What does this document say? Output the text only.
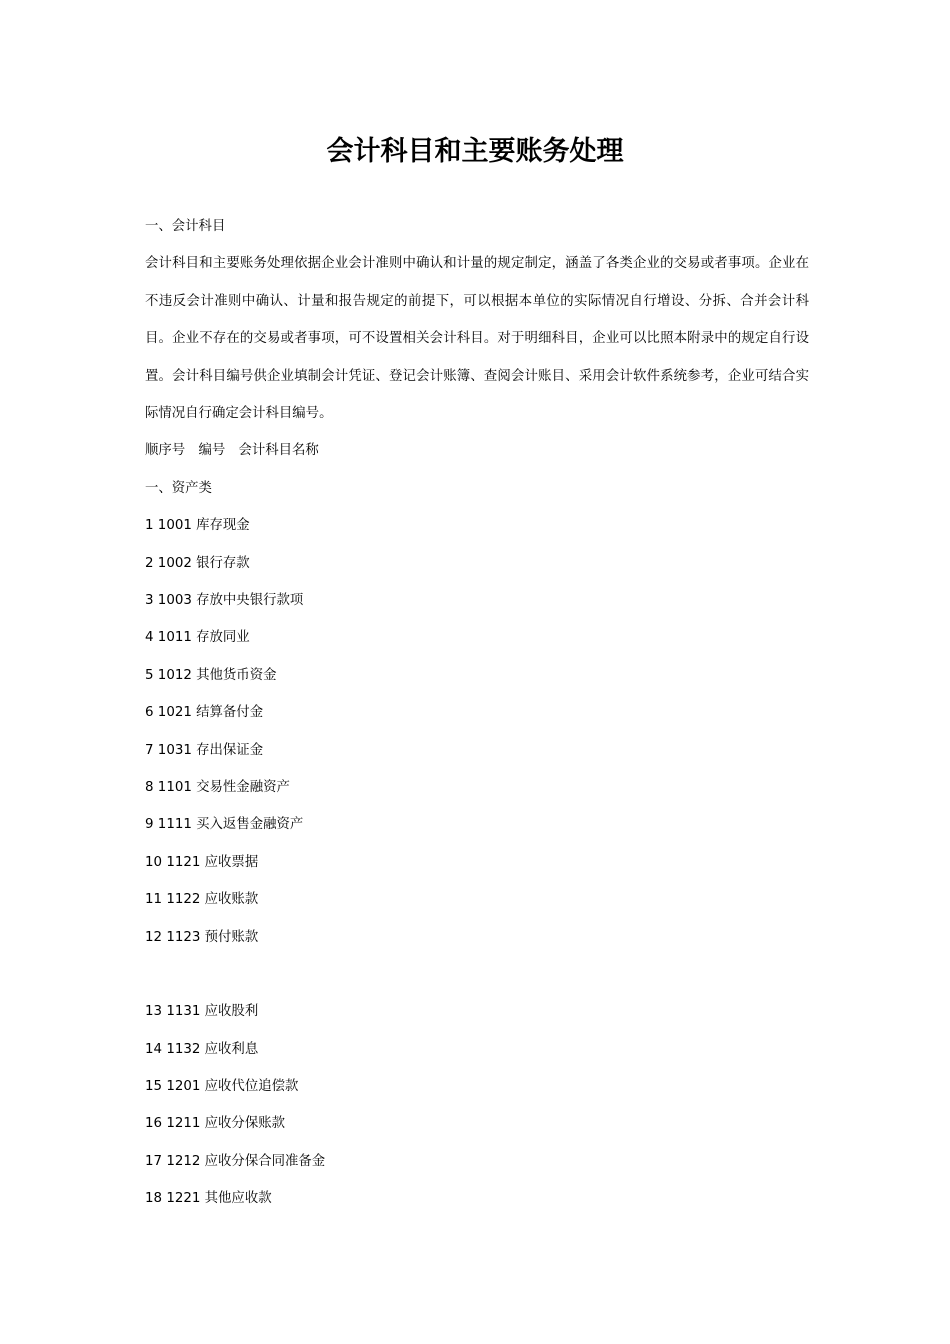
会计科目和主要账务处理
一、会计科目

会计科目和主要账务处理依据企业会计准则中确认和计量的规定制定，涵盖了各类企业的交易或者事项。企业在不违反会计准则中确认、计量和报告规定的前提下，可以根据本单位的实际情况自行增设、分拆、合并会计科目。企业不存在的交易或者事项，可不设置相关会计科目。对于明细科目，企业可以比照本附录中的规定自行设置。会计科目编号供企业填制会计凭证、登记会计账簿、查阅会计账目、采用会计软件系统参考，企业可结合实际情况自行确定会计科目编号。

顺序号 编号 会计科目名称
一、资产类
1 1001 库存现金
2 1002 银行存款
3 1003 存放中央银行款项
4 1011 存放同业
5 1012 其他货币资金
6 1021 结算备付金
7 1031 存出保证金
8 1101 交易性金融资产
9 1111 买入返售金融资产
10 1121 应收票据
11 1122 应收账款
12 1123 预付账款
13 1131 应收股利
14 1132 应收利息
15 1201 应收代位追偿款
16 1211 应收分保账款
17 1212 应收分保合同准备金
18 1221 其他应收款
